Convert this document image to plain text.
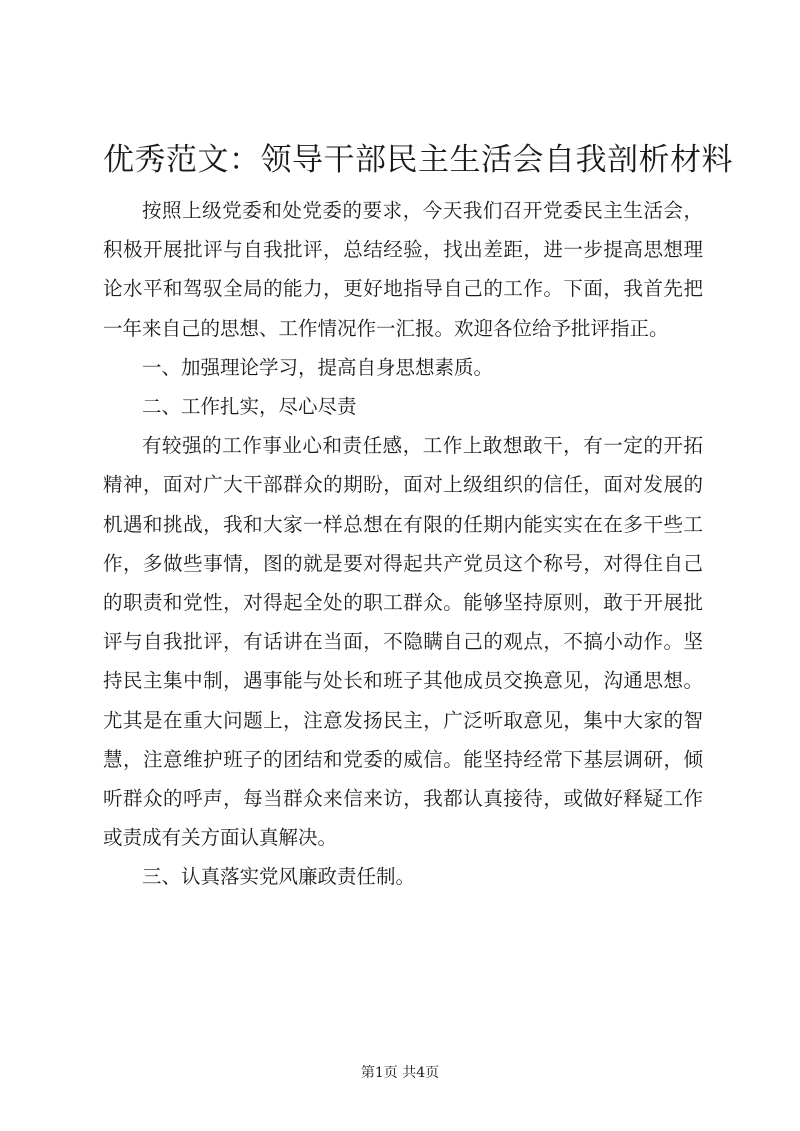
优秀范文：领导干部民主生活会自我剖析材料

按照上级党委和处党委的要求，今天我们召开党委民主生活会，积极开展批评与自我批评，总结经验，找出差距，进一步提高思想理论水平和驾驭全局的能力，更好地指导自己的工作。下面，我首先把一年来自己的思想、工作情况作一汇报。欢迎各位给予批评指正。

一、加强理论学习，提高自身思想素质。

二、工作扎实，尽心尽责

有较强的工作事业心和责任感，工作上敢想敢干，有一定的开拓精神，面对广大干部群众的期盼，面对上级组织的信任，面对发展的机遇和挑战，我和大家一样总想在有限的任期内能实实在在多干些工作，多做些事情，图的就是要对得起共产党员这个称号，对得住自己的职责和党性，对得起全处的职工群众。能够坚持原则，敢于开展批评与自我批评，有话讲在当面，不隐瞒自己的观点，不搞小动作。坚持民主集中制，遇事能与处长和班子其他成员交换意见，沟通思想。尤其是在重大问题上，注意发扬民主，广泛听取意见，集中大家的智慧，注意维护班子的团结和党委的威信。能坚持经常下基层调研，倾听群众的呼声，每当群众来信来访，我都认真接待，或做好释疑工作或责成有关方面认真解决。

三、认真落实党风廉政责任制。

第1页 共4页
